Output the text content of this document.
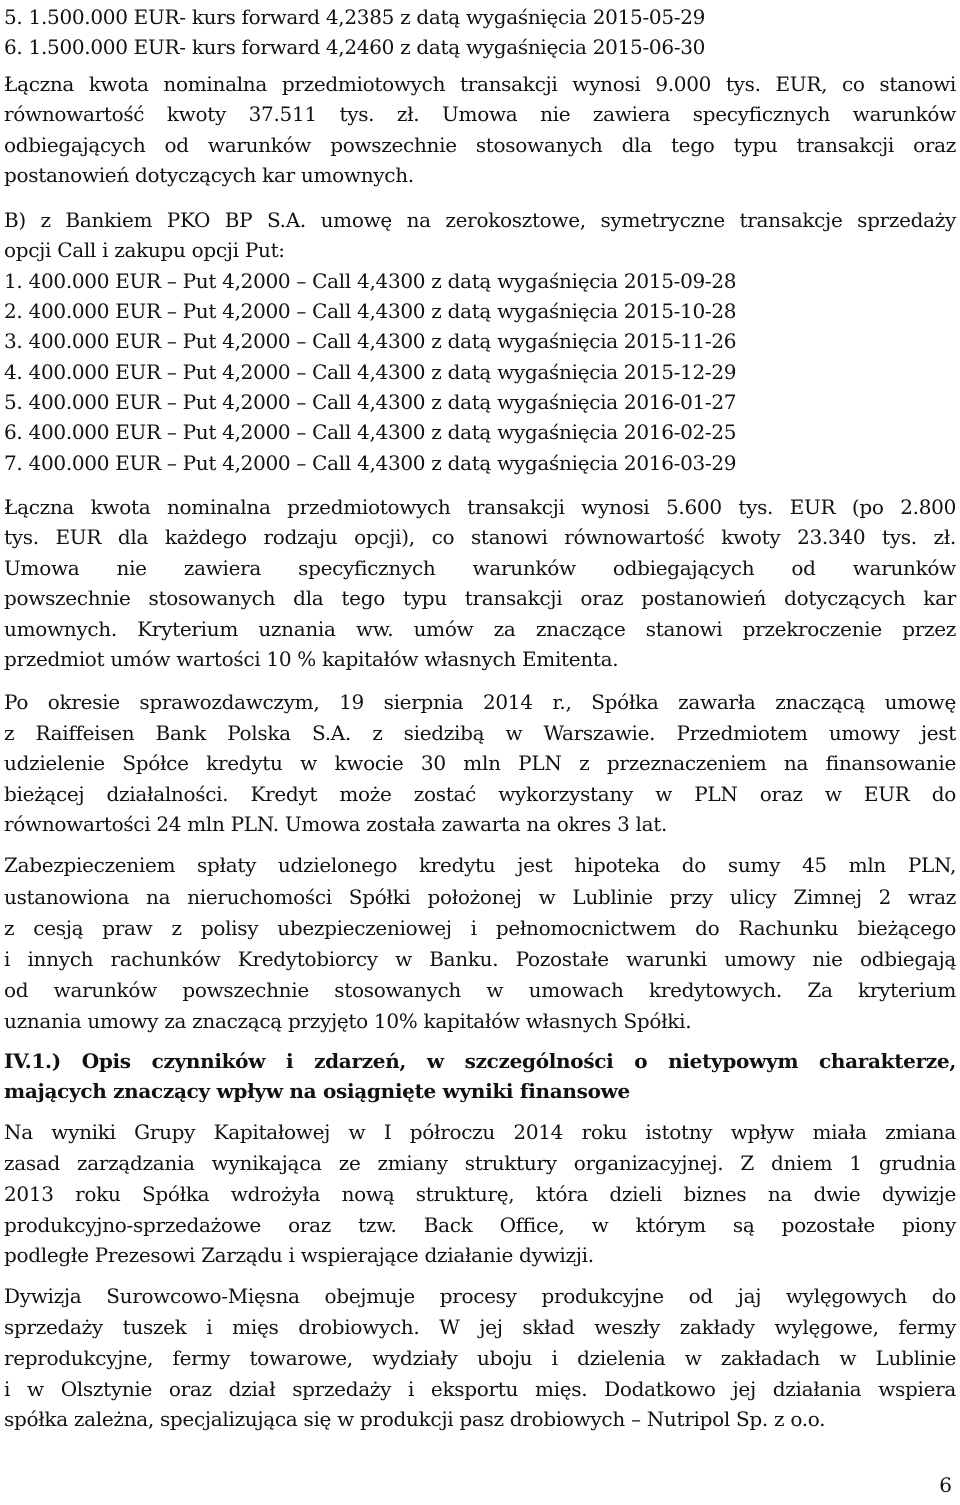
5. 1.500.000 EUR- kurs forward 4,2385 z datą wygaśnięcia 2015-05-29
6. 1.500.000 EUR- kurs forward 4,2460 z datą wygaśnięcia 2015-06-30
Łączna kwota nominalna przedmiotowych transakcji wynosi 9.000 tys. EUR, co stanowi
równowartość kwoty 37.511 tys. zł. Umowa nie zawiera specyficznych warunków
odbiegających od warunków powszechnie stosowanych dla tego typu transakcji oraz
postanowień dotyczących kar umownych.
B) z Bankiem PKO BP S.A. umowę na zerokosztowe, symetryczne transakcje sprzedaży
opcji Call i zakupu opcji Put:
1. 400.000 EUR – Put 4,2000 – Call 4,4300 z datą wygaśnięcia 2015-09-28
2. 400.000 EUR – Put 4,2000 – Call 4,4300 z datą wygaśnięcia 2015-10-28
3. 400.000 EUR – Put 4,2000 – Call 4,4300 z datą wygaśnięcia 2015-11-26
4. 400.000 EUR – Put 4,2000 – Call 4,4300 z datą wygaśnięcia 2015-12-29
5. 400.000 EUR – Put 4,2000 – Call 4,4300 z datą wygaśnięcia 2016-01-27
6. 400.000 EUR – Put 4,2000 – Call 4,4300 z datą wygaśnięcia 2016-02-25
7. 400.000 EUR – Put 4,2000 – Call 4,4300 z datą wygaśnięcia 2016-03-29
Łączna kwota nominalna przedmiotowych transakcji wynosi 5.600 tys. EUR (po 2.800
tys. EUR dla każdego rodzaju opcji), co stanowi równowartość kwoty 23.340 tys. zł.
Umowa nie zawiera specyficznych warunków odbiegających od warunków
powszechnie stosowanych dla tego typu transakcji oraz postanowień dotyczących kar
umownych. Kryterium uznania ww. umów za znaczące stanowi przekroczenie przez
przedmiot umów wartości 10 % kapitałów własnych Emitenta.
Po okresie sprawozdawczym, 19 sierpnia 2014 r., Spółka zawarła znaczącą umowę
z Raiffeisen Bank Polska S.A. z siedzibą w Warszawie. Przedmiotem umowy jest
udzielenie Spółce kredytu w kwocie 30 mln PLN z przeznaczeniem na finansowanie
bieżącej działalności. Kredyt może zostać wykorzystany w PLN oraz w EUR do
równowartości 24 mln PLN. Umowa została zawarta na okres 3 lat.
Zabezpieczeniem spłaty udzielonego kredytu jest hipoteka do sumy 45 mln PLN,
ustanowiona na nieruchomości Spółki położonej w Lublinie przy ulicy Zimnej 2 wraz
z cesją praw z polisy ubezpieczeniowej i pełnomocnictwem do Rachunku bieżącego
i innych rachunków Kredytobiorcy w Banku. Pozostałe warunki umowy nie odbiegają
od warunków powszechnie stosowanych w umowach kredytowych. Za kryterium
uznania umowy za znaczącą przyjęto 10% kapitałów własnych Spółki.
IV.1.) Opis czynników i zdarzeń, w szczególności o nietypowym charakterze,
mających znaczący wpływ na osiągnięte wyniki finansowe
Na wyniki Grupy Kapitałowej w I półroczu 2014 roku istotny wpływ miała zmiana
zasad zarządzania wynikająca ze zmiany struktury organizacyjnej. Z dniem 1 grudnia
2013 roku Spółka wdrożyła nową strukturę, która dzieli biznes na dwie dywizje
produkcyjno-sprzedażowe oraz tzw. Back Office, w którym są pozostałe piony
podległe Prezesowi Zarządu i wspierające działanie dywizji.
Dywizja Surowcowo-Mięsna obejmuje procesy produkcyjne od jaj wylęgowych do
sprzedaży tuszek i mięs drobiowych. W jej skład weszły zakłady wylęgowe, fermy
reprodukcyjne, fermy towarowe, wydziały uboju i dzielenia w zakładach w Lublinie
i w Olsztynie oraz dział sprzedaży i eksportu mięs. Dodatkowo jej działania wspiera
spółka zależna, specjalizująca się w produkcji pasz drobiowych – Nutripol Sp. z o.o.
6
